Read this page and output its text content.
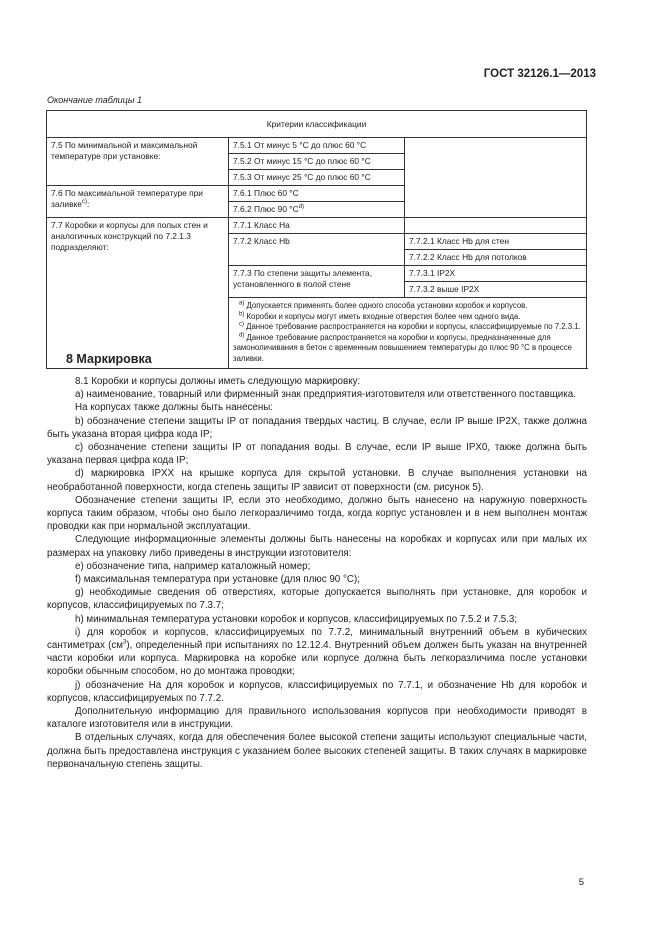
ГОСТ 32126.1—2013
Окончание таблицы 1
Критерии классификации		
7.5 По минимальной и максимальной температуре при установке:	7.5.1 От минус 5 °С до плюс 60 °С	
	7.5.2 От минус 15 °С до плюс 60 °С	
	7.5.3 От минус 25 °С до плюс 60 °С	
7.6 По максимальной температуре при заливке$^{с)}$:	7.6.1 Плюс 60 °С	
	7.6.2 Плюс 90 $^\circ С^{d)}$
7.7 Коробки и корпусы для полых стен и аналогичных конструкций по 7.2.1.3 подразделяют:	7.7.1 Класс На	
	7.7.2 Класс Hb	7.7.2.1 Класс Hb для стен
		7.7.2.2 Класс Hb для потолков
	7.7.3 По степени защиты элемента, установленного в полой стене	7.7.3.1 IP2X
		7.7.3.2 выше IP2X

	$^{а)}$ Допускается применять более одного способа установки коробок и корпусов.
$^{b)}$ Коробки и корпусы могут иметь входные отверстия более чем одного вида.
$^{с)}$ Данное требование распространяется на коробки и корпусы, классифицируемые по 7.2.3.1.
$^{d)}$ Данное требование распространяется на коробки и корпусы, предназначенные для замоноличивания в бетон с временным повышением температуры до плюс 90 °С в процессе заливки.	
8 Маркировка

8.1 Коробки и корпусы должны иметь следующую маркировку:

a) наименование, товарный или фирменный знак предприятия-изготовителя или ответственного поставщика.

На корпусах также должны быть нанесены:

b) обозначение степени защиты IP от попадания твердых частиц. В случае, если IP выше IP2X, также должна быть указана вторая цифра кода IP;

c) обозначение степени защиты IP от попадания воды. В случае, если IP выше IPX0, также должна быть указана первая цифра кода IP;

d) маркировка IPXX на крышке корпуса для скрытой установки. В случае выполнения установки на необработанной поверхности, когда степень защиты IP зависит от поверхности (см. рисунок 5).

Обозначение степени защиты IP, если это необходимо, должно быть нанесено на наружную поверхность корпуса таким образом, чтобы оно было легкоразличимо тогда, когда корпус установлен и в нем выполнен монтаж проводки как при нормальной эксплуатации.

Следующие информационные элементы должны быть нанесены на коробках и корпусах или при малых их размерах на упаковку либо приведены в инструкции изготовителя:

e) обозначение типа, например каталожный номер;

f) максимальная температура при установке (для плюс 90 °С);

g) необходимые сведения об отверстиях, которые допускается выполнять при установке, для коробок и корпусов, классифицируемых по 7.3.7;

h) минимальная температура установки коробок и корпусов, классифицируемых по 7.5.2 и 7.5.3;

i) для коробок и корпусов, классифицируемых по 7.7.2, минимальный внутренний объем в кубических сантиметрах $(см^3)$, определенный при испытаниях по 12.12.4. Внутренний объем должен быть указан на внутренней части коробки или корпуса. Маркировка на коробке или корпусе должна быть легкоразличима после установки коробки обычным способом, но до монтажа проводки;

j) обозначение На для коробок и корпусов, классифицируемых по 7.7.1, и обозначение Hb для коробок и корпусов, классифицируемых по 7.7.2.

Дополнительную информацию для правильного использования корпусов при необходимости приводят в каталоге изготовителя или в инструкции.

В отдельных случаях, когда для обеспечения более высокой степени защиты используют специальные части, должна быть предоставлена инструкция с указанием более высоких степеней защиты. В таких случаях в маркировке первоначальную степень защиты.

5
